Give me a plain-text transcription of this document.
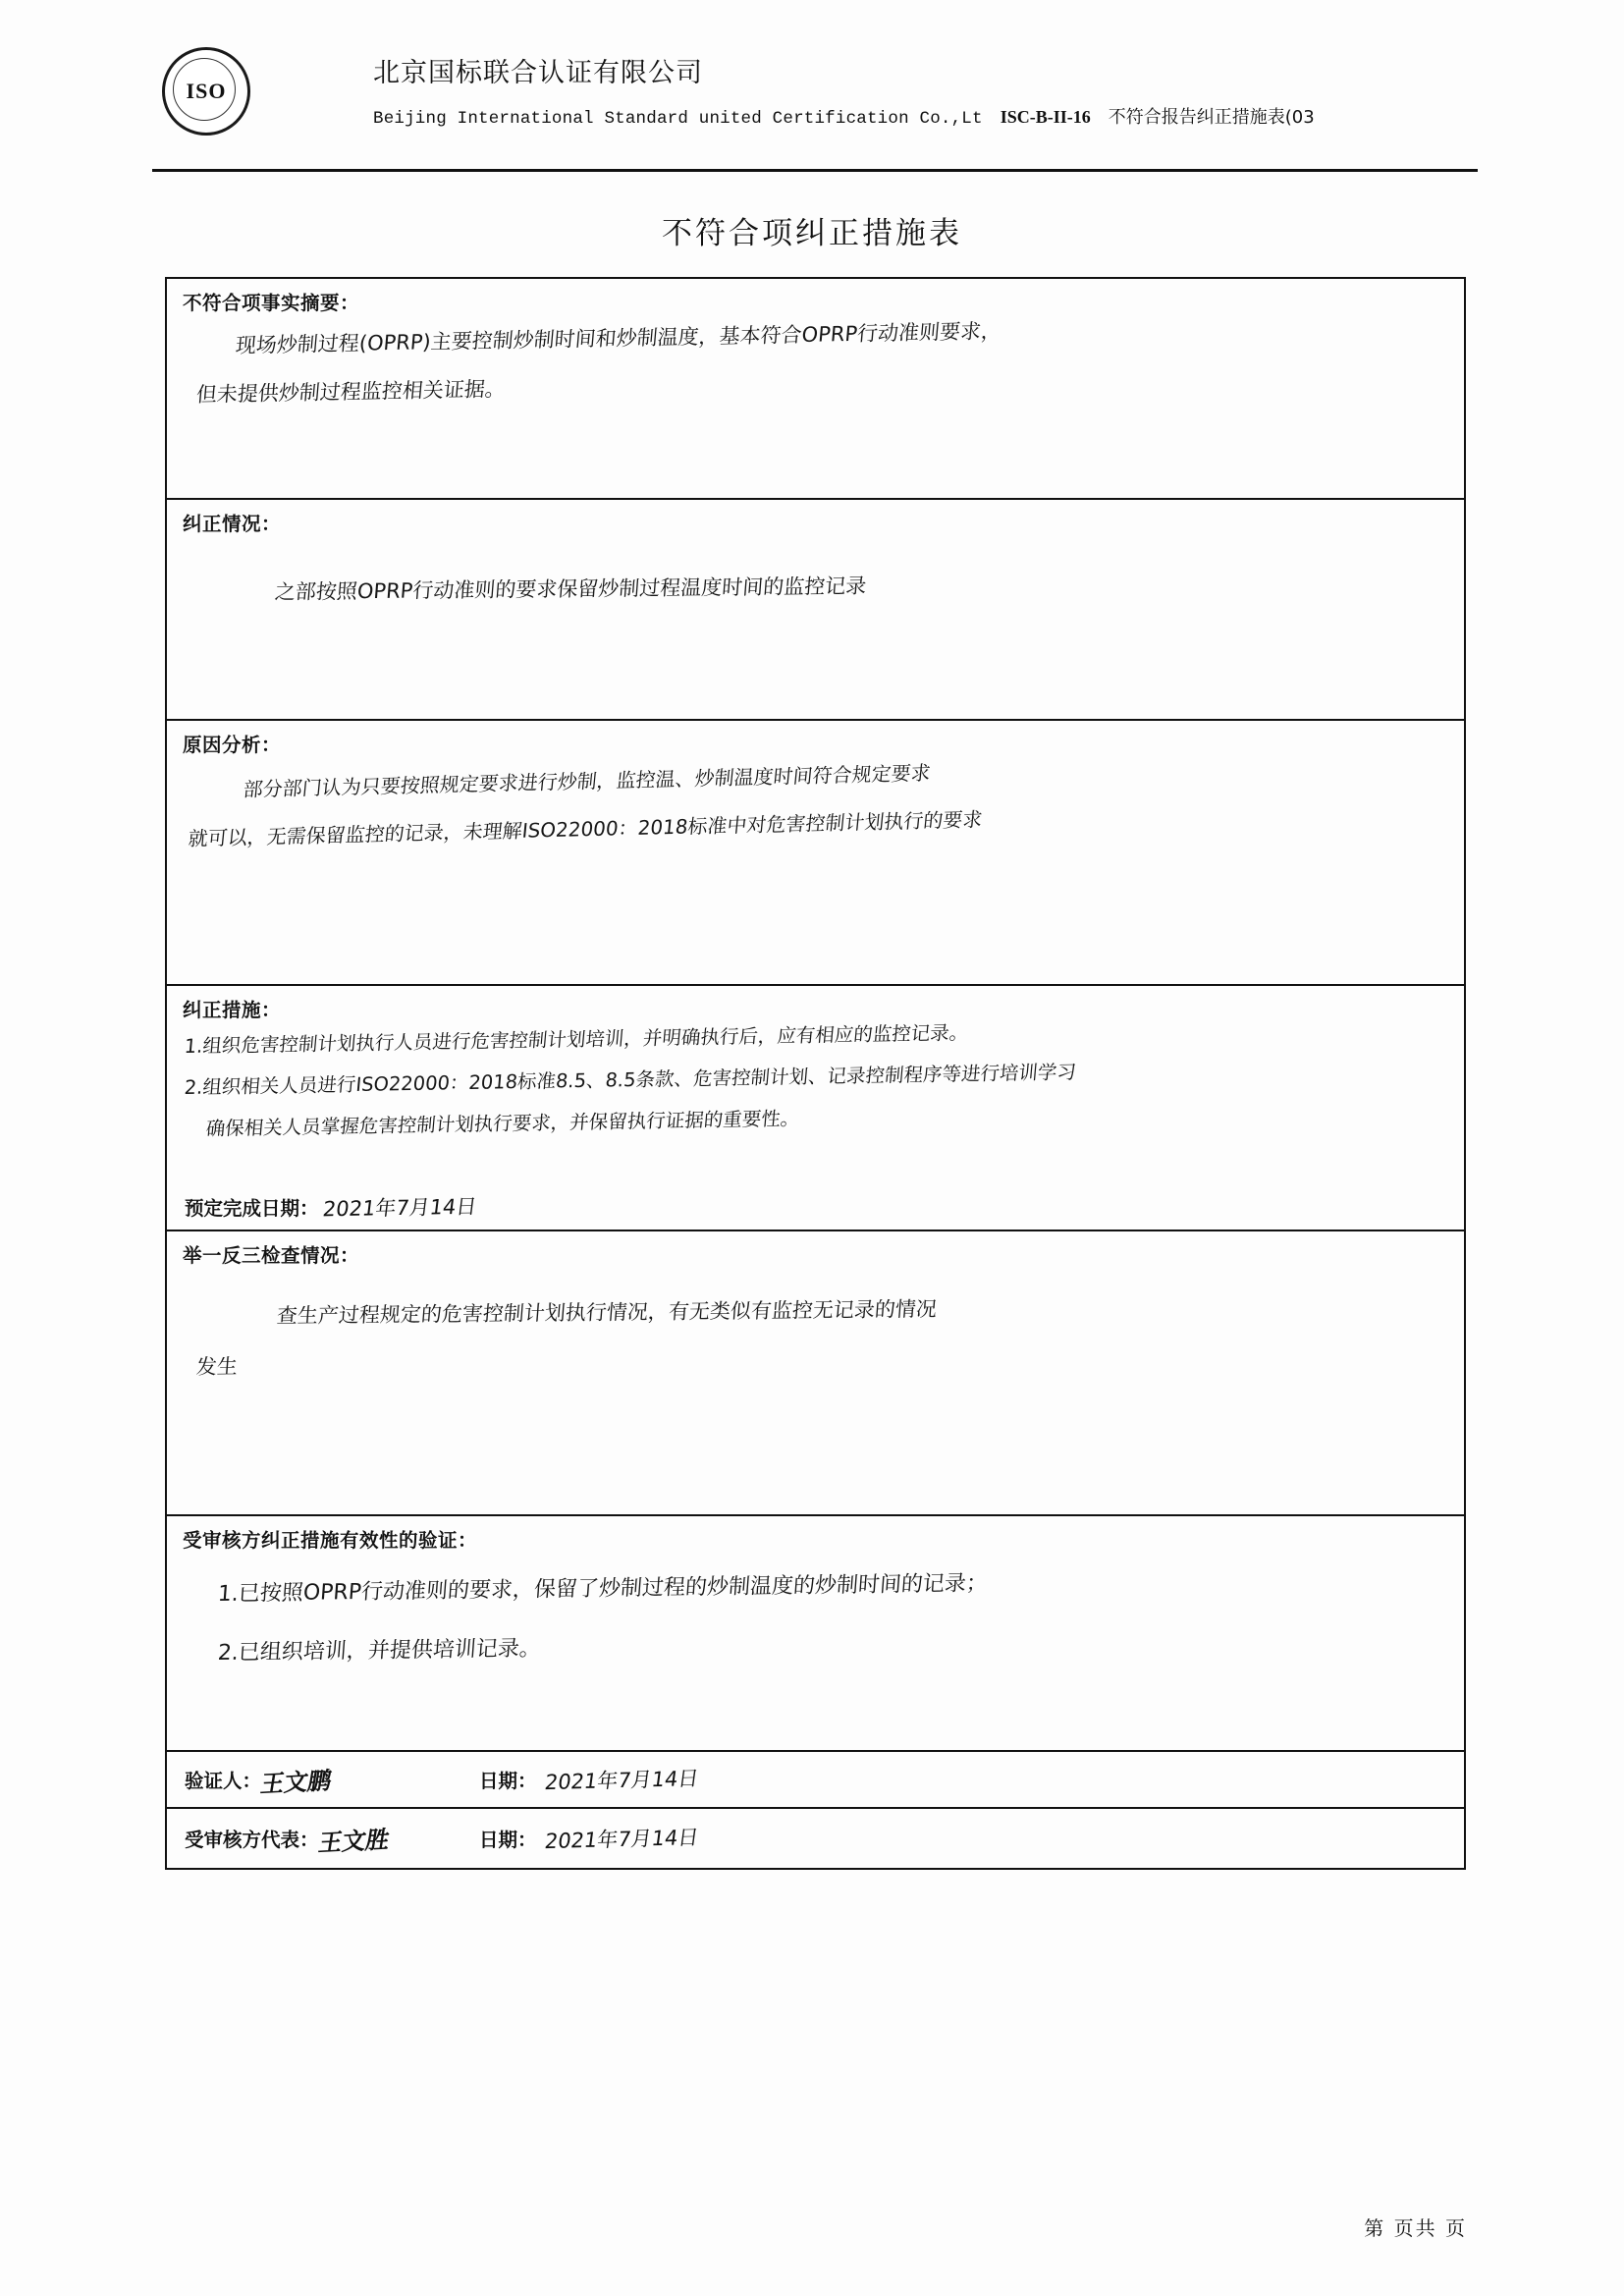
ISO
北京国标联合认证有限公司
Beijing International Standard united Certification Co.,Lt ISC-B-II-16 不符合报告纠正措施表(03
不符合项纠正措施表
不符合项事实摘要：
现场炒制过程(OPRP)主要控制炒制时间和炒制温度，基本符合OPRP行动准则要求，
但未提供炒制过程监控相关证据。
纠正情况：
之部按照OPRP行动准则的要求保留炒制过程温度时间的监控记录
原因分析：
部分部门认为只要按照规定要求进行炒制，监控温、炒制温度时间符合规定要求
就可以，无需保留监控的记录，未理解ISO22000：2018标准中对危害控制计划执行的要求
纠正措施：
1.组织危害控制计划执行人员进行危害控制计划培训，并明确执行后，应有相应的监控记录。
2.组织相关人员进行ISO22000：2018标准8.5、8.5条款、危害控制计划、记录控制程序等进行培训学习
确保相关人员掌握危害控制计划执行要求，并保留执行证据的重要性。
预定完成日期： 2021年7月14日
举一反三检查情况：
查生产过程规定的危害控制计划执行情况，有无类似有监控无记录的情况
发生
受审核方纠正措施有效性的验证：
1.已按照OPRP行动准则的要求，保留了炒制过程的炒制温度的炒制时间的记录；
2.已组织培训，并提供培训记录。
验证人：
王文鹏	日期： 2021年7月14日
受审核方代表：
王文胜	日期： 2021年7月14日
第 页共 页
